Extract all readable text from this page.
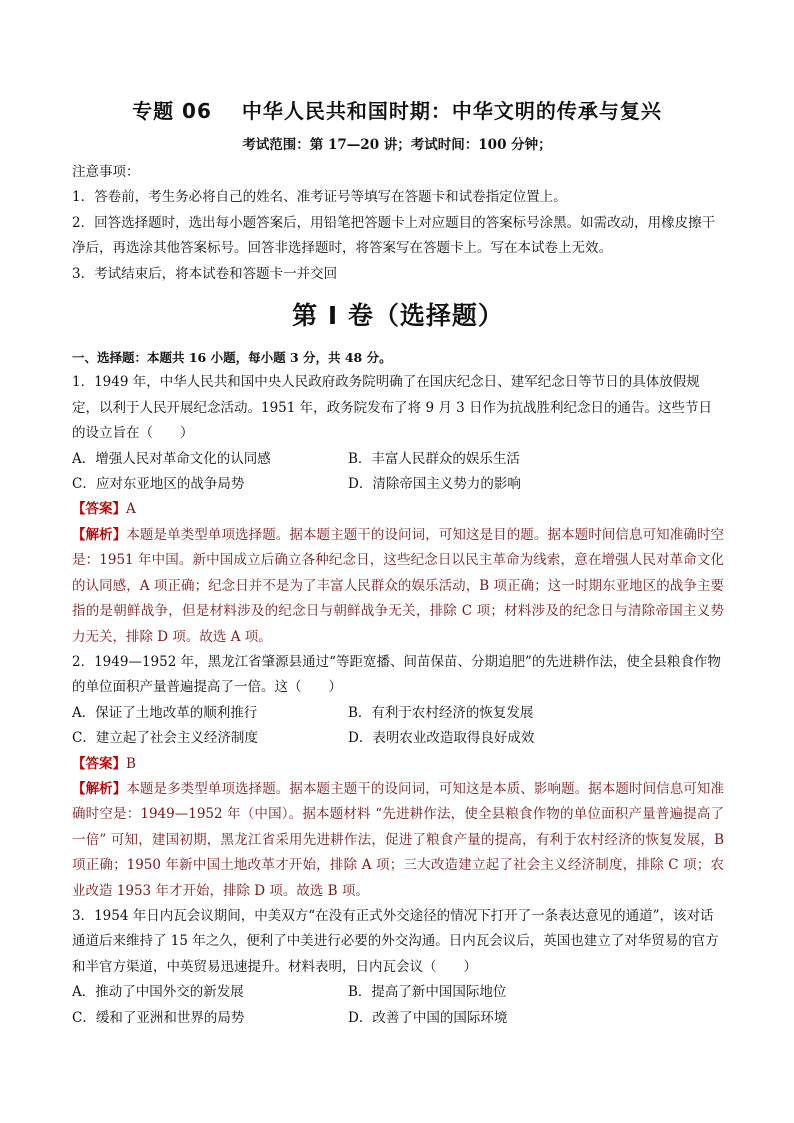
专题 06 中华人民共和国时期：中华文明的传承与复兴
考试范围：第 17—20 讲；考试时间：100 分钟；

注意事项：

1．答卷前，考生务必将自己的姓名、准考证号等填写在答题卡和试卷指定位置上。

2．回答选择题时，选出每小题答案后，用铅笔把答题卡上对应题目的答案标号涂黑。如需改动，用橡皮擦干净后，再选涂其他答案标号。回答非选择题时，将答案写在答题卡上。写在本试卷上无效。

3．考试结束后，将本试卷和答题卡一并交回

第 I 卷（选择题）

一、选择题：本题共 16 小题，每小题 3 分，共 48 分。

1．1949 年，中华人民共和国中央人民政府政务院明确了在国庆纪念日、建军纪念日等节日的具体放假规定，以利于人民开展纪念活动。1951 年，政务院发布了将 9 月 3 日作为抗战胜利纪念日的通告。这些节日的设立旨在（　　）

A．增强人民对革命文化的认同感	B．丰富人民群众的娱乐生活
C．应对东亚地区的战争局势	D．清除帝国主义势力的影响

【答案】A

【解析】本题是单类型单项选择题。据本题主题干的设问词，可知这是目的题。据本题时间信息可知准确时空是：1951 年中国。新中国成立后确立各种纪念日，这些纪念日以民主革命为线索，意在增强人民对革命文化的认同感，A 项正确；纪念日并不是为了丰富人民群众的娱乐活动，B 项正确；这一时期东亚地区的战争主要指的是朝鲜战争，但是材料涉及的纪念日与朝鲜战争无关，排除 C 项；材料涉及的纪念日与清除帝国主义势力无关，排除 D 项。故选 A 项。

2．1949—1952 年，黑龙江省肇源县通过“等距宽播、间苗保苗、分期追肥”的先进耕作法，使全县粮食作物的单位面积产量普遍提高了一倍。这（　　）

A．保证了土地改革的顺利推行	B．有利于农村经济的恢复发展
C．建立起了社会主义经济制度	D．表明农业改造取得良好成效

【答案】B

【解析】本题是多类型单项选择题。据本题主题干的设问词，可知这是本质、影响题。据本题时间信息可知准确时空是：1949—1952 年（中国）。据本题材料 “先进耕作法，使全县粮食作物的单位面积产量普遍提高了一倍” 可知，建国初期，黑龙江省采用先进耕作法，促进了粮食产量的提高，有利于农村经济的恢复发展，B 项正确；1950 年新中国土地改革才开始，排除 A 项；三大改造建立起了社会主义经济制度，排除 C 项；农业改造 1953 年才开始，排除 D 项。故选 B 项。

3．1954 年日内瓦会议期间，中美双方“在没有正式外交途径的情况下打开了一条表达意见的通道”，该对话通道后来维持了 15 年之久，便利了中美进行必要的外交沟通。日内瓦会议后，英国也建立了对华贸易的官方和半官方渠道，中英贸易迅速提升。材料表明，日内瓦会议（　　）

A．推动了中国外交的新发展	B．提高了新中国国际地位
C．缓和了亚洲和世界的局势	D．改善了中国的国际环境
